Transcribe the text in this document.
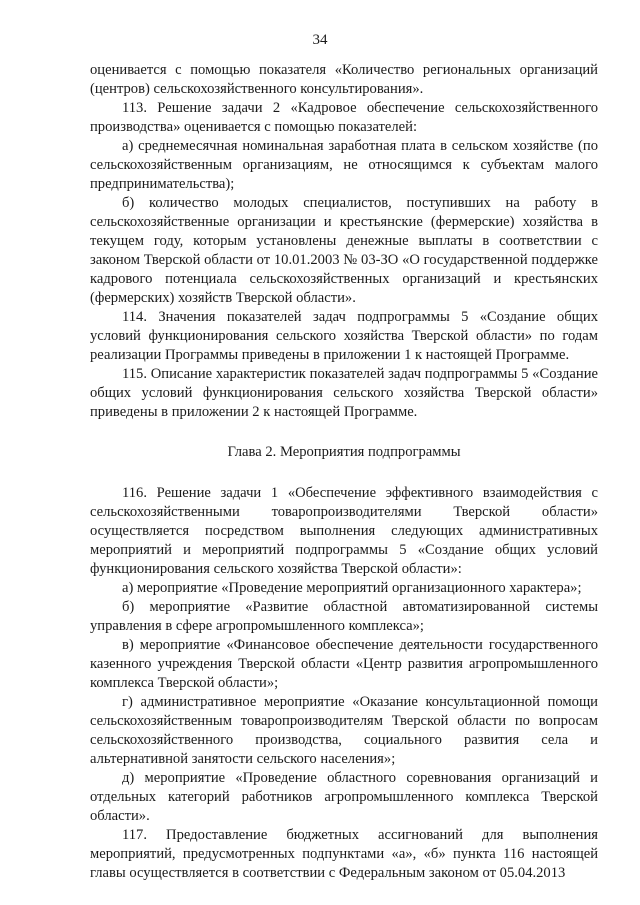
34

оценивается с помощью показателя «Количество региональных организаций (центров) сельскохозяйственного консультирования».

113. Решение задачи 2 «Кадровое обеспечение сельскохозяйственного производства» оценивается с помощью показателей:

а) среднемесячная номинальная заработная плата в сельском хозяйстве (по сельскохозяйственным организациям, не относящимся к субъектам малого предпринимательства);

б) количество молодых специалистов, поступивших на работу в сельскохозяйственные организации и крестьянские (фермерские) хозяйства в текущем году, которым установлены денежные выплаты в соответствии с законом Тверской области от 10.01.2003 № 03-ЗО «О государственной поддержке кадрового потенциала сельскохозяйственных организаций и крестьянских (фермерских) хозяйств Тверской области».

114. Значения показателей задач подпрограммы 5 «Создание общих условий функционирования сельского хозяйства Тверской области» по годам реализации Программы приведены в приложении 1 к настоящей Программе.

115. Описание характеристик показателей задач подпрограммы 5 «Создание общих условий функционирования сельского хозяйства Тверской области» приведены в приложении 2 к настоящей Программе.

Глава 2. Мероприятия подпрограммы

116. Решение задачи 1 «Обеспечение эффективного взаимодействия с сельскохозяйственными товаропроизводителями Тверской области» осуществляется посредством выполнения следующих административных мероприятий и мероприятий подпрограммы 5 «Создание общих условий функционирования сельского хозяйства Тверской области»:

а) мероприятие «Проведение мероприятий организационного характера»;

б) мероприятие «Развитие областной автоматизированной системы управления в сфере агропромышленного комплекса»;

в) мероприятие «Финансовое обеспечение деятельности государственного казенного учреждения Тверской области «Центр развития агропромышленного комплекса Тверской области»;

г) административное мероприятие «Оказание консультационной помощи сельскохозяйственным товаропроизводителям Тверской области по вопросам сельскохозяйственного производства, социального развития села и альтернативной занятости сельского населения»;

д) мероприятие «Проведение областного соревнования организаций и отдельных категорий работников агропромышленного комплекса Тверской области».

117. Предоставление бюджетных ассигнований для выполнения мероприятий, предусмотренных подпунктами «а», «б» пункта 116 настоящей главы осуществляется в соответствии с Федеральным законом от 05.04.2013
